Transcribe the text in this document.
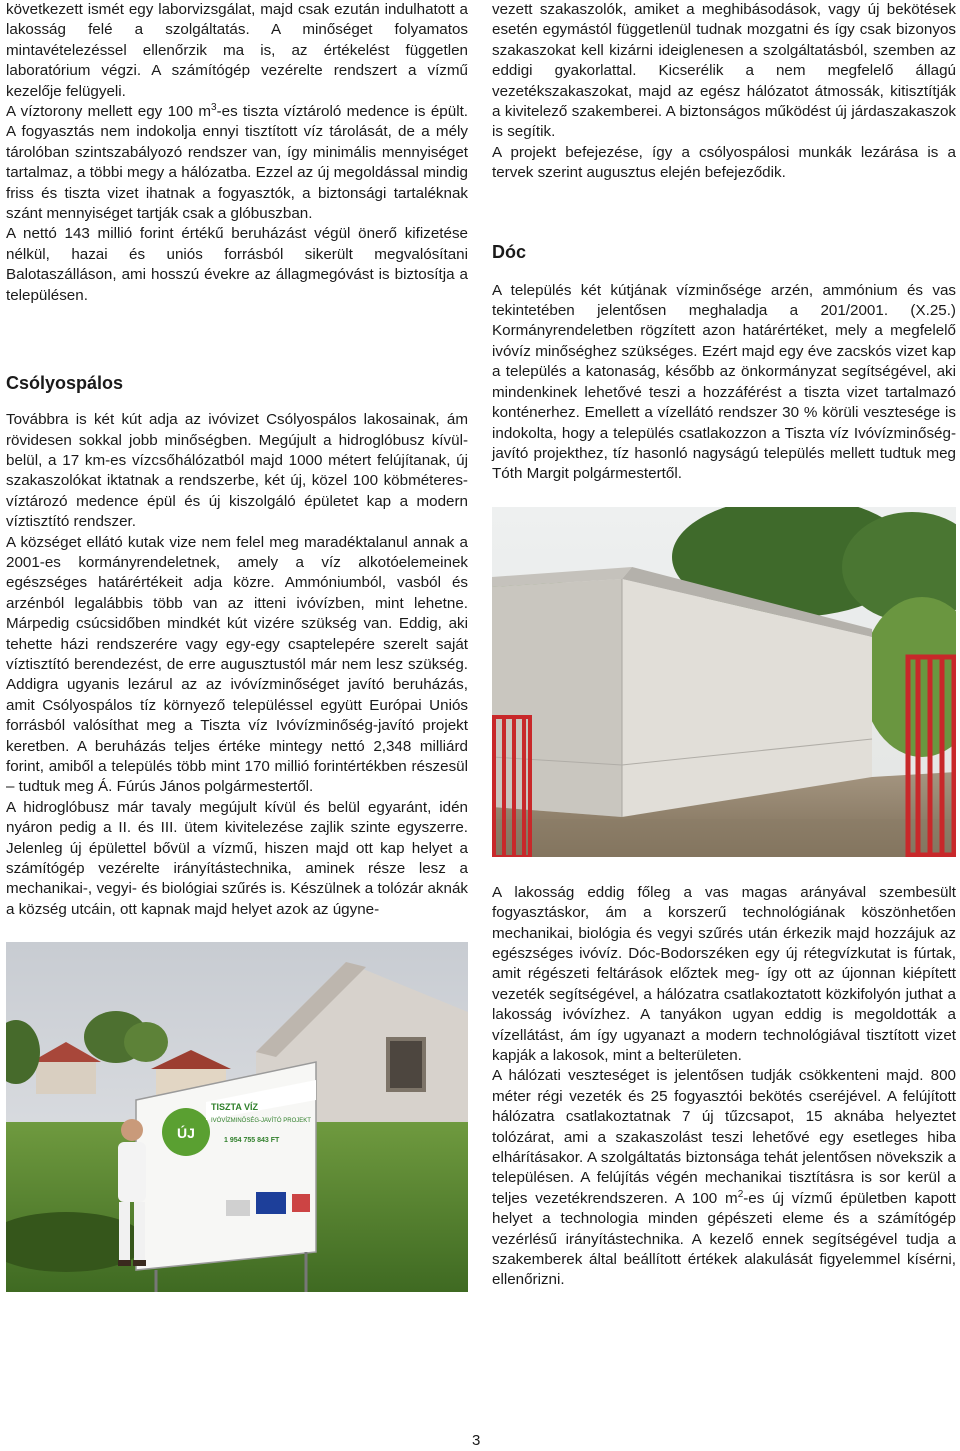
következett ismét egy laborvizsgálat, majd csak ezután indulhatott a lakosság felé a szolgáltatás. A minőséget folyamatos mintavételezéssel ellenőrzik ma is, az értékelést független laboratórium végzi. A számítógép vezérelte rendszert a vízmű kezelője felügyeli.

A víztorony mellett egy 100 $m^3-es$ tiszta víztároló medence is épült. A fogyasztás nem indokolja ennyi tisztított víz tárolását, de a mély tárolóban szintszabályozó rendszer van, így minimális mennyiséget tartalmaz, a többi megy a hálózatba. Ezzel az új megoldással mindig friss és tiszta vizet ihatnak a fogyasztók, a biztonsági tartaléknak szánt mennyiséget tartják csak a glóbuszban.

A nettó 143 millió forint értékű beruházást végül önerő kifizetése nélkül, hazai és uniós forrásból sikerült megvalósítani Balotaszálláson, ami hosszú évekre az állagmegóvást is biztosítja a településen.

Csólyospálos

Továbbra is két kút adja az ivóvizet Csólyospálos lakosainak, ám rövidesen sokkal jobb minőségben. Megújult a hidroglóbusz kívül-belül, a 17 km-es vízcsőhálózatból majd 1000 métert felújítanak, új szakaszolókat iktatnak a rendszerbe, két új, közel 100 köbméteres- víztározó medence épül és új kiszolgáló épületet kap a modern víztisztító rendszer.

A községet ellátó kutak vize nem felel meg maradéktalanul annak a 2001-es kormányrendeletnek, amely a víz alkotóelemeinek egészséges határértékeit adja közre. Ammóniumból, vasból és arzénból legalábbis több van az itteni ivóvízben, mint lehetne. Márpedig csúcsidőben mindkét kút vizére szükség van. Eddig, aki tehette házi rendszerére vagy egy-egy csaptelepére szerelt saját víztisztító berendezést, de erre augusztustól már nem lesz szükség. Addigra ugyanis lezárul az az ivóvízminőséget javító beruházás, amit Csólyospálos tíz környező településsel együtt Európai Uniós forrásból valósíthat meg a Tiszta víz Ivóvízminőség-javító projekt keretben. A beruházás teljes értéke mintegy nettó 2,348 milliárd forint, amiből a település több mint 170 millió forintértékben részesül – tudtuk meg Á. Fúrús János polgármestertől.

A hidroglóbusz már tavaly megújult kívül és belül egyaránt, idén nyáron pedig a II. és III. ütem kivitelezése zajlik szinte egyszerre. Jelenleg új épülettel bővül a vízmű, hiszen majd ott kap helyet a számítógép vezérelte irányítástechnika, aminek része lesz a mechanikai-, vegyi- és biológiai szűrés is. Készülnek a tolózár aknák a község utcáin, ott kapnak majd helyet azok az úgyne-

TISZTA VÍZ
IVÓVÍZMINŐSÉG-JAVÍTÓ PROJEKT
1 954 755 843 FT
ÚJ

vezett szakaszolók, amiket a meghibásodások, vagy új bekötések esetén egymástól függetlenül tudnak mozgatni és így csak bizonyos szakaszokat kell kizárni ideiglenesen a szolgáltatásból, szemben az eddigi gyakorlattal. Kicserélik a nem megfelelő állagú vezetékszakaszokat, majd az egész hálózatot átmossák, kitisztítják a kivitelező szakemberei. A biztonságos működést új járdaszakaszok is segítik.

A projekt befejezése, így a csólyospálosi munkák lezárása is a tervek szerint augusztus elején befejeződik.

Dóc

A település két kútjának vízminősége arzén, ammónium és vas tekintetében jelentősen meghaladja a 201/2001. (X.25.) Kormányrendeletben rögzített azon határértéket, mely a megfelelő ivóvíz minőséghez szükséges. Ezért majd egy éve zacskós vizet kap a település a katonaság, később az önkormányzat segítségével, aki mindenkinek lehetővé teszi a hozzáférést a tiszta vizet tartalmazó konténerhez. Emellett a vízellátó rendszer 30 % körüli vesztesége is indokolta, hogy a település csatlakozzon a Tiszta víz Ivóvízminőség-javító projekthez, tíz hasonló nagyságú település mellett tudtuk meg Tóth Margit polgármestertől.

A lakosság eddig főleg a vas magas arányával szembesült fogyasztáskor, ám a korszerű technológiának köszönhetően mechanikai, biológia és vegyi szűrés után érkezik majd hozzájuk az egészséges ivóvíz. Dóc-Bodorszéken egy új rétegvízkutat is fúrtak, amit régészeti feltárások előztek meg- így ott az újonnan kiépített vezeték segítségével, a hálózatra csatlakoztatott közkifolyón juthat a lakosság ivóvízhez. A tanyákon ugyan eddig is megoldották a vízellátást, ám így ugyanazt a modern technológiával tisztított vizet kapják a lakosok, mint a belterületen.

A hálózati veszteséget is jelentősen tudják csökkenteni majd. 800 méter régi vezeték és 25 fogyasztói bekötés cseréjével. A felújított hálózatra csatlakoztatnak 7 új tűzcsapot, 15 aknába helyeztet tolózárat, ami a szakaszolást teszi lehetővé egy esetleges hiba elhárításakor. A szolgáltatás biztonsága tehát jelentősen növekszik a településen. A felújítás végén mechanikai tisztításra is sor kerül a teljes vezetékrendszeren. A 100 $m^2-es$ új vízmű épületben kapott helyet a technologia minden gépészeti eleme és a számítógép vezérlésű irányítástechnika. A kezelő ennek segítségével tudja a szakemberek által beállított értékek alakulását figyelemmel kísérni, ellenőrizni.

3
